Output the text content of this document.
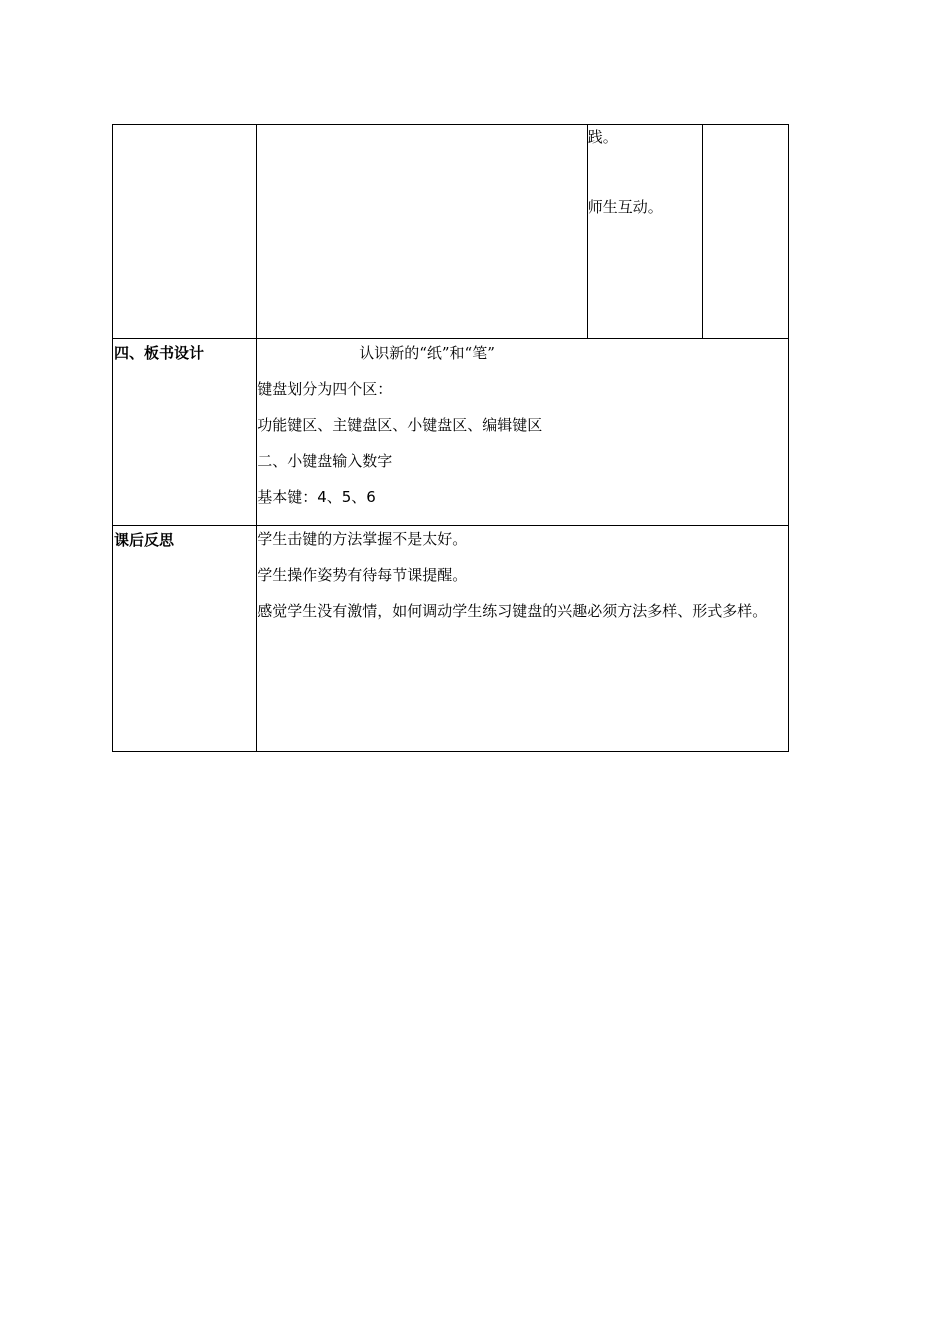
		践。
师生互动。	

四、板书设计	认识新的“纸”和“笔”
键盘划分为四个区：
功能键区、主键盘区、小键盘区、编辑键区
二、小键盘输入数字
基本键：4、5、6		

课后反思	学生击键的方法掌握不是太好。
学生操作姿势有待每节课提醒。
感觉学生没有激情，如何调动学生练习键盘的兴趣必须方法多样、形式多样。		
